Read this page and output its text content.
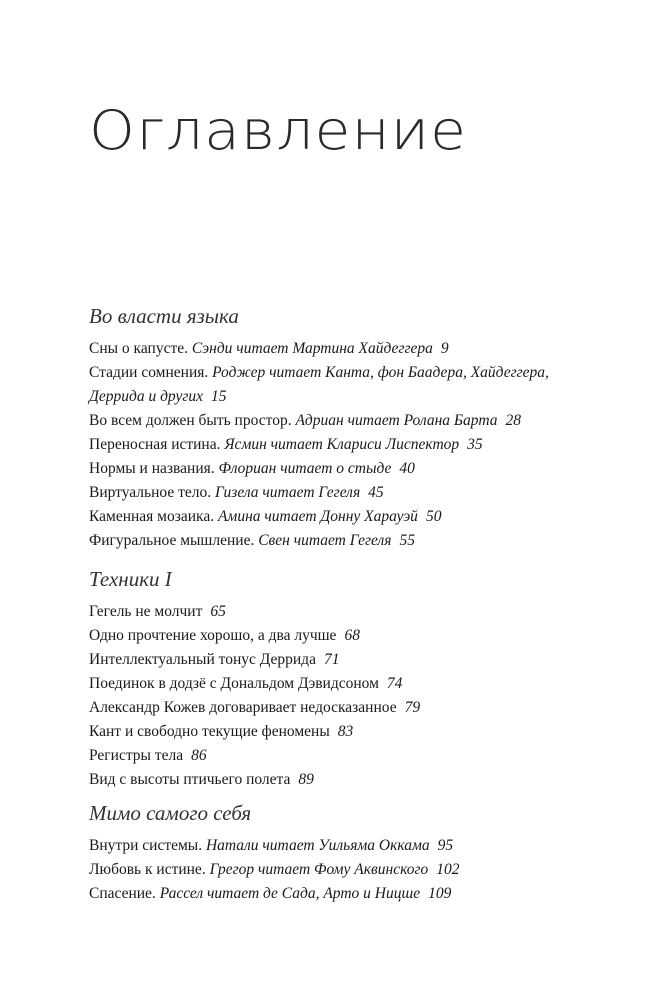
Оглавление
Во власти языка
Сны о капусте. Сэнди читает Мартина Хайдеггера 9
Стадии сомнения. Роджер читает Канта, фон Баадера, Хайдеггера, Деррида и других 15
Во всем должен быть простор. Адриан читает Ролана Барта 28
Переносная истина. Ясмин читает Клариси Лиспектор 35
Нормы и названия. Флориан читает о стыде 40
Виртуальное тело. Гизела читает Гегеля 45
Каменная мозаика. Амина читает Донну Харауэй 50
Фигуральное мышление. Свен читает Гегеля 55
Техники I
Гегель не молчит 65
Одно прочтение хорошо, а два лучше 68
Интеллектуальный тонус Деррида 71
Поединок в додзё с Дональдом Дэвидсоном 74
Александр Кожев договаривает недосказанное 79
Кант и свободно текущие феномены 83
Регистры тела 86
Вид с высоты птичьего полета 89
Мимо самого себя
Внутри системы. Натали читает Уильяма Оккама 95
Любовь к истине. Грегор читает Фому Аквинского 102
Спасение. Рассел читает де Сада, Арто и Ницше 109
